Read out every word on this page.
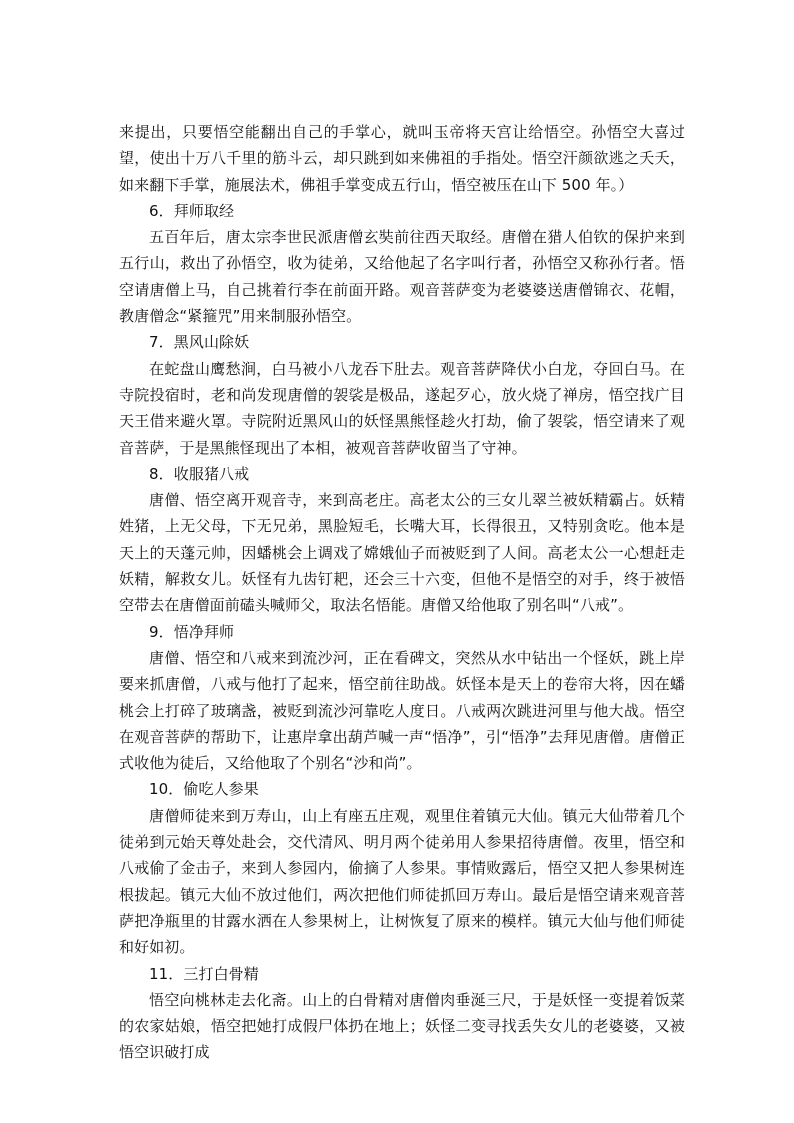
来提出，只要悟空能翻出自己的手掌心，就叫玉帝将天宫让给悟空。孙悟空大喜过望，使出十万八千里的筋斗云，却只跳到如来佛祖的手指处。悟空汗颜欲逃之夭夭，如来翻下手掌，施展法术，佛祖手掌变成五行山，悟空被压在山下 500 年。）

6．拜师取经

五百年后，唐太宗李世民派唐僧玄奘前往西天取经。唐僧在猎人伯钦的保护来到五行山，救出了孙悟空，收为徒弟，又给他起了名字叫行者，孙悟空又称孙行者。悟空请唐僧上马，自己挑着行李在前面开路。观音菩萨变为老婆婆送唐僧锦衣、花帽，教唐僧念“紧箍咒”用来制服孙悟空。

7．黑风山除妖

在蛇盘山鹰愁涧，白马被小八龙吞下肚去。观音菩萨降伏小白龙，夺回白马。在寺院投宿时，老和尚发现唐僧的袈裟是极品，遂起歹心，放火烧了禅房，悟空找广目天王借来避火罩。寺院附近黑风山的妖怪黑熊怪趁火打劫，偷了袈裟，悟空请来了观音菩萨，于是黑熊怪现出了本相，被观音菩萨收留当了守神。

8．收服猪八戒

唐僧、悟空离开观音寺，来到高老庄。高老太公的三女儿翠兰被妖精霸占。妖精姓猪，上无父母，下无兄弟，黑脸短毛，长嘴大耳，长得很丑，又特别贪吃。他本是天上的天蓬元帅，因蟠桃会上调戏了嫦娥仙子而被贬到了人间。高老太公一心想赶走妖精，解救女儿。妖怪有九齿钉耙，还会三十六变，但他不是悟空的对手，终于被悟空带去在唐僧面前磕头喊师父，取法名悟能。唐僧又给他取了别名叫“八戒”。

9．悟净拜师

唐僧、悟空和八戒来到流沙河，正在看碑文，突然从水中钻出一个怪妖，跳上岸要来抓唐僧，八戒与他打了起来，悟空前往助战。妖怪本是天上的卷帘大将，因在蟠桃会上打碎了玻璃盏，被贬到流沙河靠吃人度日。八戒两次跳进河里与他大战。悟空在观音菩萨的帮助下，让惠岸拿出葫芦喊一声“悟净”，引“悟净”去拜见唐僧。唐僧正式收他为徒后，又给他取了个别名“沙和尚”。

10．偷吃人参果

唐僧师徒来到万寿山，山上有座五庄观，观里住着镇元大仙。镇元大仙带着几个徒弟到元始天尊处赴会，交代清风、明月两个徒弟用人参果招待唐僧。夜里，悟空和八戒偷了金击子，来到人参园内，偷摘了人参果。事情败露后，悟空又把人参果树连根拔起。镇元大仙不放过他们，两次把他们师徒抓回万寿山。最后是悟空请来观音菩萨把净瓶里的甘露水洒在人参果树上，让树恢复了原来的模样。镇元大仙与他们师徒和好如初。

11．三打白骨精

悟空向桃林走去化斋。山上的白骨精对唐僧肉垂涎三尺，于是妖怪一变提着饭菜的农家姑娘，悟空把她打成假尸体扔在地上；妖怪二变寻找丢失女儿的老婆婆，又被悟空识破打成
